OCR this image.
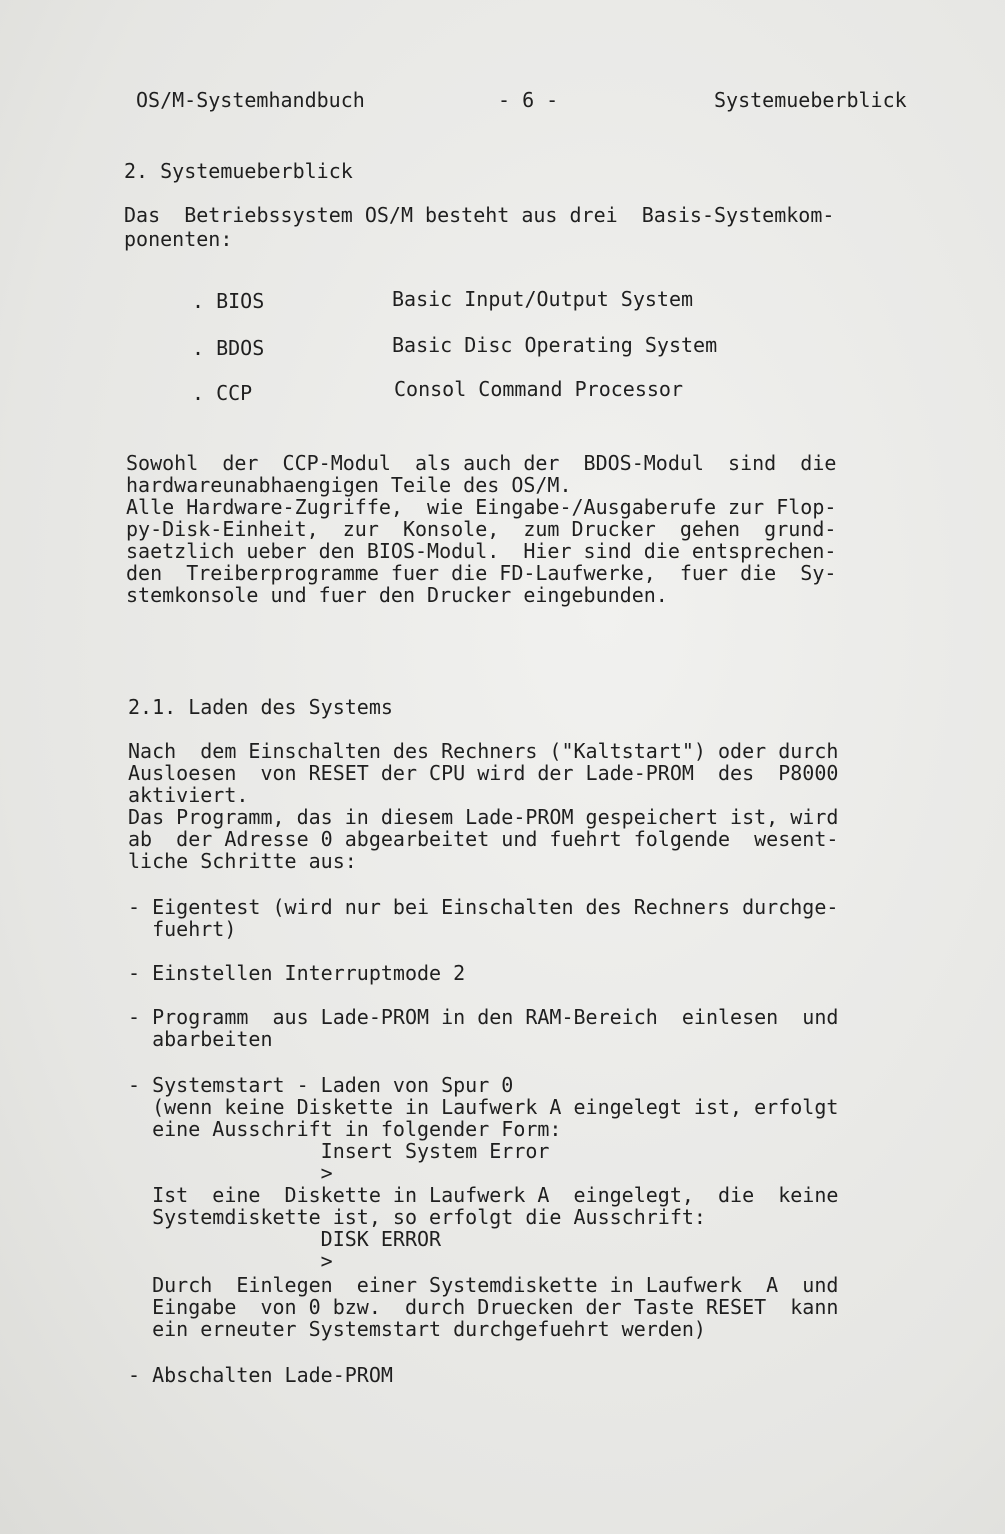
OS/M-Systemhandbuch	- 6 -	Systemueberblick
2. Systemueberblick
Das  Betriebssystem OS/M besteht aus drei  Basis-Systemkom-
ponenten:
. BIOS	Basic Input/Output System
. BDOS	Basic Disc Operating System
. CCP	Consol Command Processor
Sowohl  der  CCP-Modul  als auch der  BDOS-Modul  sind  die
hardwareunabhaengigen Teile des OS/M.
Alle Hardware-Zugriffe,  wie Eingabe-/Ausgaberufe zur Flop-
py-Disk-Einheit,  zur  Konsole,  zum Drucker  gehen  grund-
saetzlich ueber den BIOS-Modul.  Hier sind die entsprechen-
den  Treiberprogramme fuer die FD-Laufwerke,  fuer die  Sy-
stemkonsole und fuer den Drucker eingebunden.
2.1. Laden des Systems
Nach  dem Einschalten des Rechners ("Kaltstart") oder durch
Ausloesen  von RESET der CPU wird der Lade-PROM  des  P8000
aktiviert.
Das Programm, das in diesem Lade-PROM gespeichert ist, wird
ab  der Adresse 0 abgearbeitet und fuehrt folgende  wesent-
liche Schritte aus:
- Eigentest (wird nur bei Einschalten des Rechners durchge-
fuehrt)
- Einstellen Interruptmode 2
- Programm  aus Lade-PROM in den RAM-Bereich  einlesen  und
abarbeiten
- Systemstart - Laden von Spur 0
(wenn keine Diskette in Laufwerk A eingelegt ist, erfolgt
eine Ausschrift in folgender Form:
Insert System Error
>
Ist  eine  Diskette in Laufwerk A  eingelegt,  die  keine
Systemdiskette ist, so erfolgt die Ausschrift:
DISK ERROR
>
Durch  Einlegen  einer Systemdiskette in Laufwerk  A  und
Eingabe  von 0 bzw.  durch Druecken der Taste RESET  kann
ein erneuter Systemstart durchgefuehrt werden)
- Abschalten Lade-PROM
